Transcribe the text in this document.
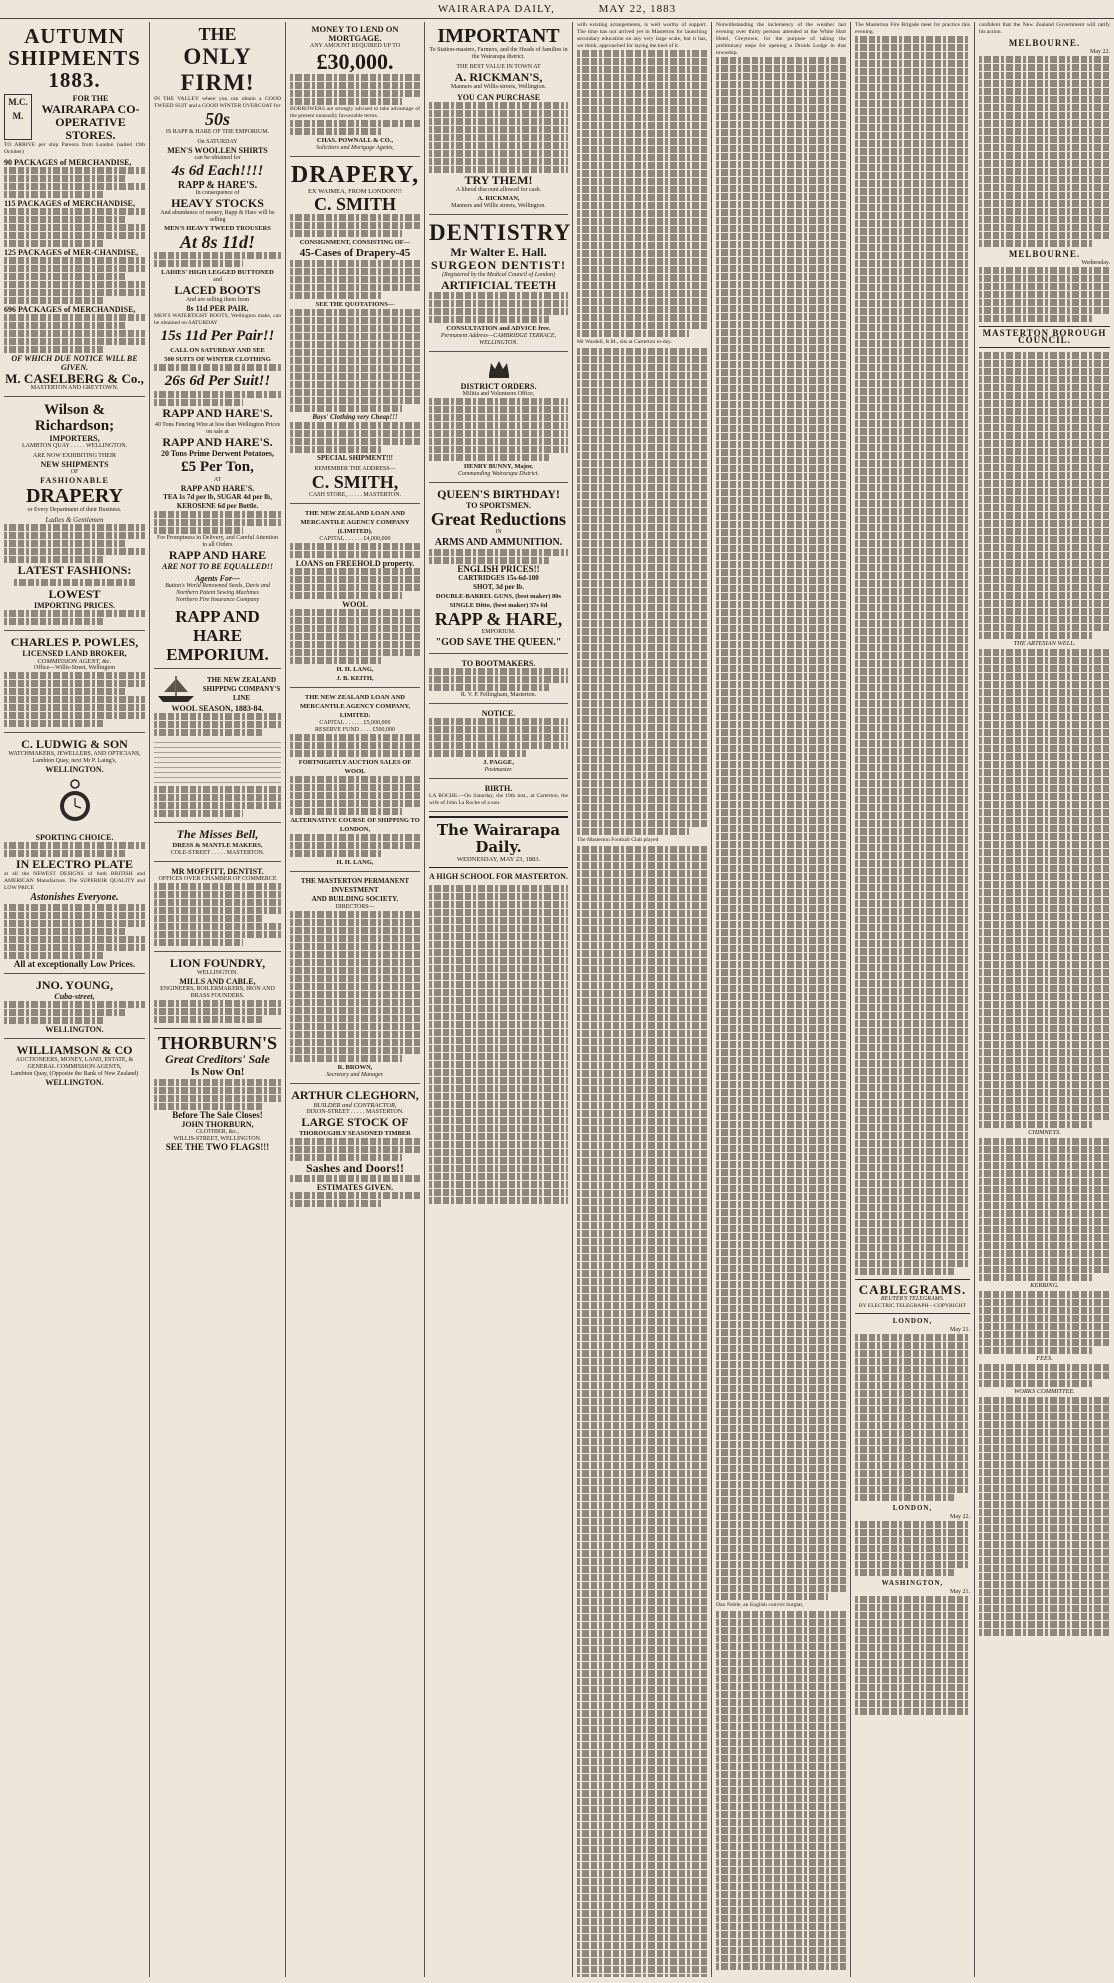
WAIRARAPA DAILY,	MAY 22, 1883
AUTUMN SHIPMENTS 1883.
M.C. M.
FOR THE
WAIRARAPA CO-OPERATIVE STORES.
TO ARRIVE per ship Pareora from London (sailed 19th October)
90 PACKAGES of MERCHANDISE,
115 PACKAGES of MERCHANDISE,
125 PACKAGES of MER-CHANDISE,
696 PACKAGES of MERCHANDISE,
OF WHICH DUE NOTICE WILL BE GIVEN.
M. CASELBERG & Co.,
MASTERTON AND GREYTOWN.
Wilson & Richardson;
IMPORTERS,
LAMBTON QUAY . . . . . WELLINGTON.
ARE NOW EXHIBITING THEIR
NEW SHIPMENTS
OF
FASHIONABLE
DRAPERY
or Every Department of their Business.
Ladies & Gentlemen
LATEST FASHIONS:
LOWEST
IMPORTING PRICES.
CHARLES P. POWLES,
LICENSED LAND BROKER,
COMMISSION AGENT, &c.
Office—Willis-Street, Wellington
C. LUDWIG & SON
WATCHMAKERS, JEWELLERS, AND OPTICIANS,
Lambton Quay, next Mr P. Laing's,
WELLINGTON.
SPORTING CHOICE.
IN ELECTRO PLATE
at all the NEWEST DESIGNS of both BRITISH and AMERICAN Manufacture. The SUPERIOR QUALITY and LOW PRICE
Astonishes Everyone.
All at exceptionally Low Prices.
JNO. YOUNG,
Cuba-street,
WELLINGTON.
WILLIAMSON & CO
AUCTIONEERS, MONEY, LAND, ESTATE, & GENERAL COMMISSION AGENTS,
Lambton Quay, (Opposite the Bank of New Zealand)
WELLINGTON.
THE
ONLY FIRM!
IN THE VALLEY where you can obtain a GOOD TWEED SUIT and a GOOD WINTER OVERCOAT for
50s
IS RAPP & HARE OF THE EMPORIUM.
On SATURDAY
MEN'S WOOLLEN SHIRTS
can be obtained for
4s 6d Each!!!!
RAPP & HARE'S.
In consequence of
HEAVY STOCKS
And abundance of money, Rapp & Hare will be selling
MEN'S HEAVY TWEED TROUSERS
At 8s 11d!
LADIES' HIGH LEGGED BUTTONED
and
LACED BOOTS
And are selling them from
8s 11d PER PAIR.
MEN'S WATERTIGHT BOOTS, Wellington make, can be obtained on SATURDAY
15s 11d Per Pair!!
CALL ON SATURDAY AND SEE
500 SUITS OF WINTER CLOTHING
26s 6d Per Suit!!
RAPP AND HARE'S.
40 Tons Fencing Wire at less than Wellington Prices on sale at
RAPP AND HARE'S.
20 Tons Prime Derwent Potatoes,
£5 Per Ton,
AT
RAPP AND HARE'S.
TEA 1s 7d per lb, SUGAR 4d per lb, KEROSENE 6d per Bottle.
For Promptness in Delivery, and Careful Attention to all Orders
RAPP AND HARE
ARE NOT TO BE EQUALLED!!
Agents For—
Button's World Renowned Seeds, Davis and Northern Patent Sewing Machines
Northern Fire Insurance Company
RAPP AND HARE EMPORIUM.
THE NEW ZEALAND SHIPPING COMPANY'S LINE
WOOL SEASON, 1883-84.
The Misses Bell,
DRESS & MANTLE MAKERS,
COLE-STREET . . . . . MASTERTON.
MR MOFFITT, DENTIST.
OFFICES OVER CHAMBER OF COMMERCE
LION FOUNDRY,
WELLINGTON.
MILLS AND CABLE,
ENGINEERS, BOILERMAKERS, IRON AND BRASS FOUNDERS.
THORBURN'S
Great Creditors' Sale
Is Now On!
Before The Sale Closes!
JOHN THORBURN,
CLOTHIER, &c.,
WILLIS-STREET, WELLINGTON.
SEE THE TWO FLAGS!!!
MONEY TO LEND ON MORTGAGE.
ANY AMOUNT REQUIRED UP TO
£30,000.
BORROWERS are strongly advised to take advantage of the present unusually favourable terms.
CHAS. POWNALL & CO.,
Solicitors and Mortgage Agents,
DRAPERY,
EX WAIMEA, FROM LONDON!!!
C. SMITH
CONSIGNMENT, CONSISTING OF—
45-Cases of Drapery-45
SEE THE QUOTATIONS—
Boys' Clothing very Cheap!!!
SPECIAL SHIPMENT!!!
REMEMBER THE ADDRESS—
C. SMITH,
CASH STORE, . . . . . MASTERTON.
THE NEW ZEALAND LOAN AND MERCANTILE AGENCY COMPANY (LIMITED).
CAPITAL . . . . . . £4,000,000
LOANS on FREEHOLD property.
WOOL
H. H. LANG,
J. B. KEITH,
THE NEW ZEALAND LOAN AND MERCANTILE AGENCY COMPANY, LIMITED.
CAPITAL . . . . . . £5,000,000
RESERVE FUND . . . . £500,000
FORTNIGHTLY AUCTION SALES OF WOOL
ALTERNATIVE COURSE OF SHIPPING TO LONDON,
H. H. LANG,
THE MASTERTON PERMANENT INVESTMENT
AND BUILDING SOCIETY.
DIRECTORS—
R. BROWN,
Secretary and Manager.
ARTHUR CLEGHORN,
BUILDER and CONTRACTOR,
DIXON-STREET . . . . . MASTERTON.
LARGE STOCK OF
THOROUGHLY SEASONED TIMBER
Sashes and Doors!!
ESTIMATES GIVEN.
IMPORTANT
To Station-masters, Farmers, and the Heads of families in the Wairarapa district.
THE BEST VALUE IN TOWN AT
A. RICKMAN'S,
Manners and Willis-streets, Wellington.
YOU CAN PURCHASE
TRY THEM!
A liberal discount allowed for cash.
A. RICKMAN,
Manners and Willis streets, Wellington.
DENTISTRY
Mr Walter E. Hall.
SURGEON DENTIST!
(Registered by the Medical Council of London)
ARTIFICIAL TEETH
CONSULTATION and ADVICE free.
Permanent Address—CAMBRIDGE TERRACE, WELLINGTON.
DISTRICT ORDERS.
Militia and Volunteers Office,
HENRY BUNNY, Major,
Commanding Wairarapa District.
QUEEN'S BIRTHDAY!
TO SPORTSMEN.
Great Reductions
IN
ARMS AND AMMUNITION.
ENGLISH PRICES!!
CARTRIDGES 15s-6d-100
SHOT, 3d per lb.
DOUBLE-BARREL GUNS, (best maker) 80s
SINGLE Ditto, (best maker) 37s 6d
RAPP & HARE,
EMPORIUM.
"GOD SAVE THE QUEEN."
TO BOOTMAKERS.
R. V. P. Fellingham, Masterton.
NOTICE.
J. PAGGE,
Postmaster.
BIRTH.
LA ROCHE.—On Saturday, the 19th inst., at Carterton, the wife of John La Roche of a son.
The Wairarapa Daily.
WEDNESDAY, MAY 23, 1883.
A HIGH SCHOOL FOR MASTERTON.
with existing arrangements, is well worthy of support. The time has not arrived yet in Masterton for launching secondary education on any very large scale, but it has, we think, approached for laying the keel of it.
Mr Wardell, R.M., sits at Carterton to-day.
The Masterton Football Club played
Notwithstanding the inclemency of the weather last evening over thirty persons attended at the White Hart Hotel, Greytown, for the purpose of taking the preliminary steps for opening a Druids Lodge in that township.
Dan Noble, an English convict burglar,
The Masterton Fire Brigade meet for practice this evening.
CABLEGRAMS.
REUTER'S TELEGRAMS.
BY ELECTRIC TELEGRAPH—COPYRIGHT
LONDON,
May 21.
LONDON,
May 22.
WASHINGTON,
May 21.
confident that the New Zealand Government will ratify his action.
MELBOURNE.
May 22.
MELBOURNE.
Wednesday.
MASTERTON BOROUGH COUNCIL.
THE ARTESIAN WELL.
CHIMNEYS.
KERBING.
FEES.
WORKS COMMITTEE.
